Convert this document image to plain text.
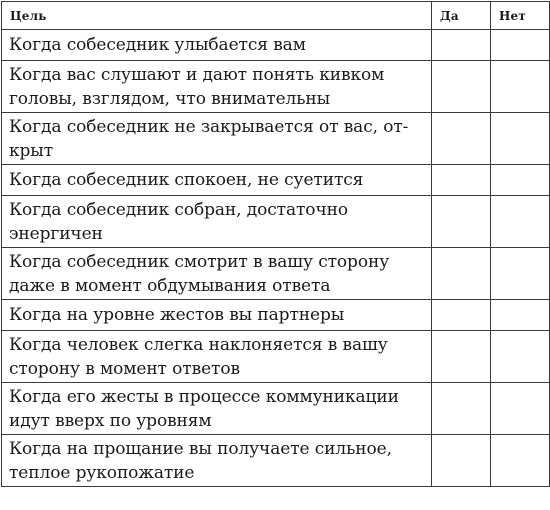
Цель	Да	Нет

Когда собеседник улыбается вам		

Когда вас слушают и дают понять кивком
головы, взглядом, что внимательны		

Когда собеседник не закрывается от вас, от-
крыт		

Когда собеседник спокоен, не суетится		

Когда собеседник собран, достаточно
энергичен		

Когда собеседник смотрит в вашу сторону
даже в момент обдумывания ответа		

Когда на уровне жестов вы партнеры		

Когда человек слегка наклоняется в вашу
сторону в момент ответов		

Когда его жесты в процессе коммуникации
идут вверх по уровням		

Когда на прощание вы получаете сильное,
теплое рукопожатие		
